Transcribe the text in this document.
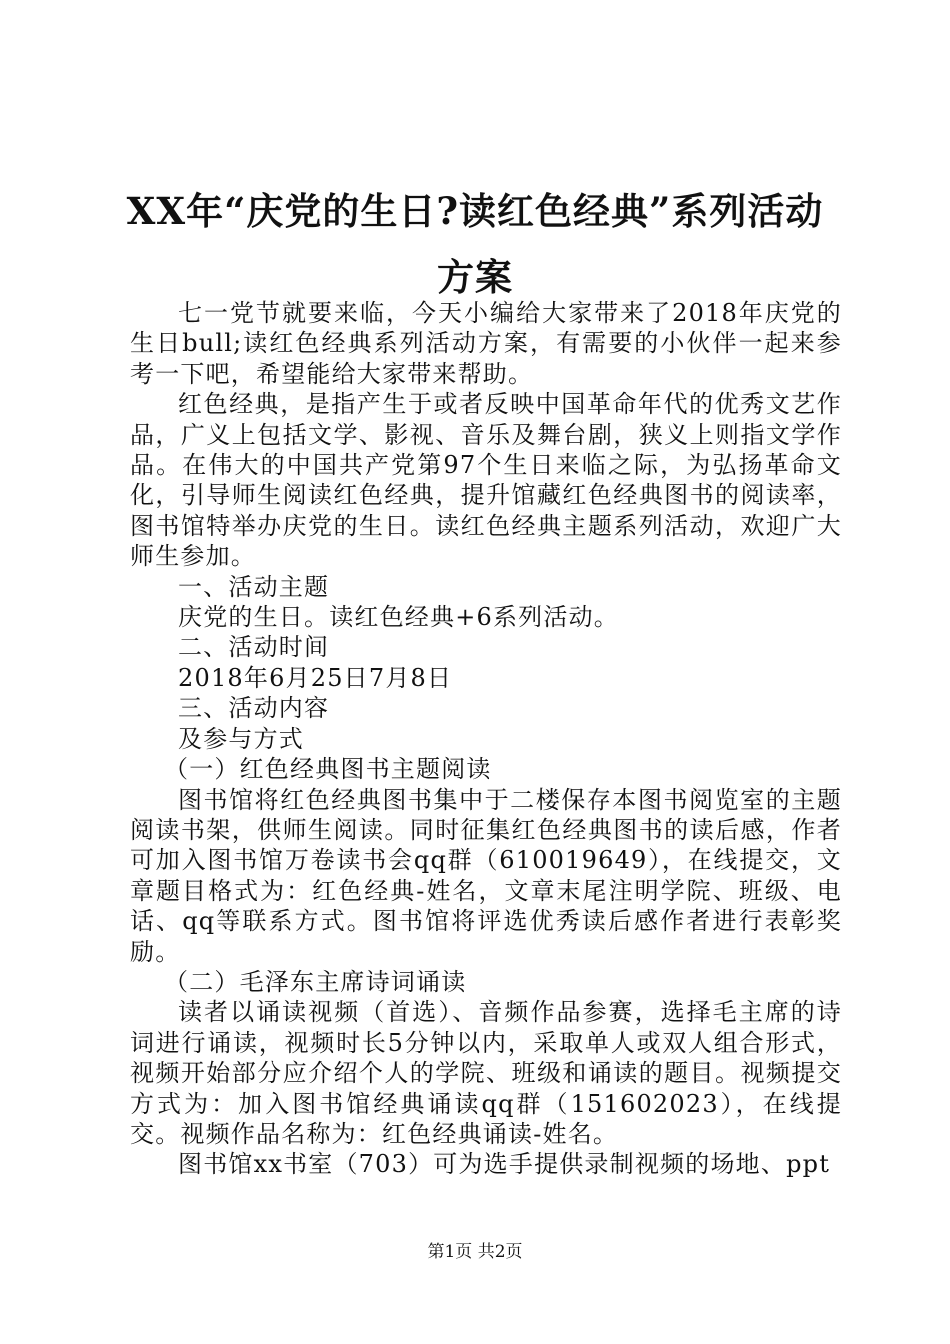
XX年“庆党的生日?读红色经典”系列活动方案

七一党节就要来临，今天小编给大家带来了2018年庆党的生日bull;读红色经典系列活动方案，有需要的小伙伴一起来参考一下吧，希望能给大家带来帮助。

红色经典，是指产生于或者反映中国革命年代的优秀文艺作品，广义上包括文学、影视、音乐及舞台剧，狭义上则指文学作品。在伟大的中国共产党第97个生日来临之际，为弘扬革命文化，引导师生阅读红色经典，提升馆藏红色经典图书的阅读率，图书馆特举办庆党的生日。读红色经典主题系列活动，欢迎广大师生参加。

一、活动主题

庆党的生日。读红色经典+6系列活动。

二、活动时间

2018年6月25日7月8日

三、活动内容

及参与方式

（一）红色经典图书主题阅读

图书馆将红色经典图书集中于二楼保存本图书阅览室的主题阅读书架，供师生阅读。同时征集红色经典图书的读后感，作者可加入图书馆万卷读书会qq群（610019649），在线提交，文章题目格式为：红色经典-姓名，文章末尾注明学院、班级、电话、qq等联系方式。图书馆将评选优秀读后感作者进行表彰奖励。

（二）毛泽东主席诗词诵读

读者以诵读视频（首选）、音频作品参赛，选择毛主席的诗词进行诵读，视频时长5分钟以内，采取单人或双人组合形式，视频开始部分应介绍个人的学院、班级和诵读的题目。视频提交方式为：加入图书馆经典诵读qq群（151602023），在线提交。视频作品名称为：红色经典诵读-姓名。

图书馆xx书室（703）可为选手提供录制视频的场地、ppt

第1页 共2页
